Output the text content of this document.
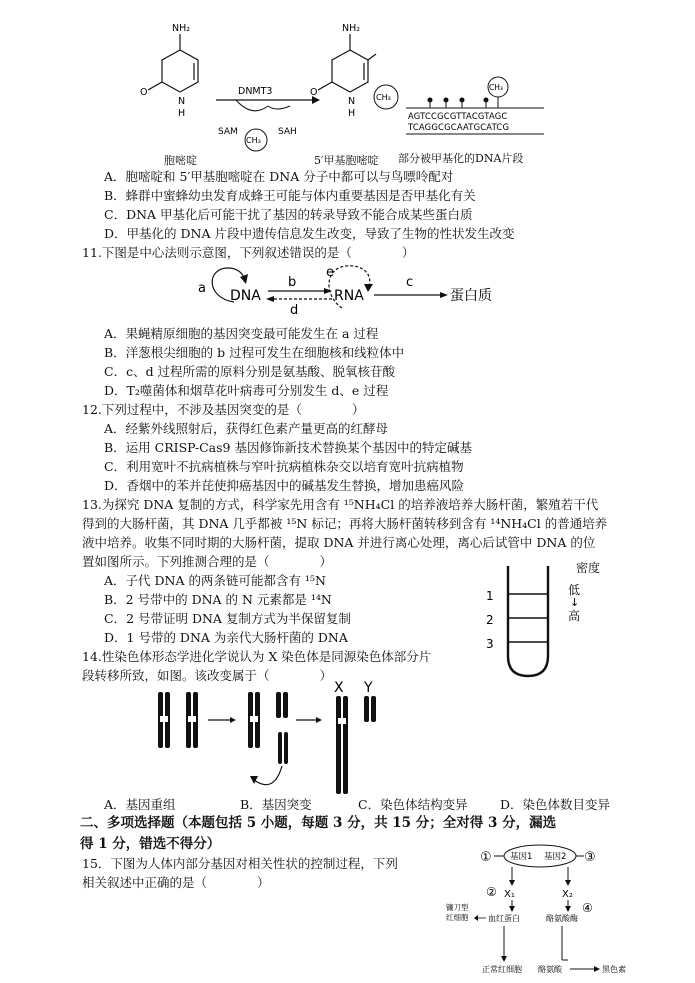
NH₂
O
N
H
DNMT3
SAM
CH₃
SAH
CH₃
NH₂
O
N
H
CH₃
AGTCCGCGTTACGTAGC
TCAGGCGCAATGCATCG
胞嘧啶	5′甲基胞嘧啶 部分被甲基化的DNA片段
A．胞嘧啶和 5′甲基胞嘧啶在 DNA 分子中都可以与鸟嘌呤配对
B．蜂群中蜜蜂幼虫发育成蜂王可能与体内重要基因是否甲基化有关
C．DNA 甲基化后可能干扰了基因的转录导致不能合成某些蛋白质
D．甲基化的 DNA 片段中遗传信息发生改变，导致了生物的性状发生改变
11.下图是中心法则示意图，下列叙述错误的是（　　　　）
a DNA
b
d
e
RNA
c
蛋白质
A．果蝇精原细胞的基因突变最可能发生在 a 过程
B．洋葱根尖细胞的 b 过程可发生在细胞核和线粒体中
C．c、d 过程所需的原料分别是氨基酸、脱氧核苷酸
D．T₂噬菌体和烟草花叶病毒可分别发生 d、e 过程
12.下列过程中，不涉及基因突变的是（　　　　）
A．经紫外线照射后，获得红色素产量更高的红酵母
B．运用 CRISP-Cas9 基因修饰新技术替换某个基因中的特定碱基
C．利用宽叶不抗病植株与窄叶抗病植株杂交以培育宽叶抗病植物
D．香烟中的苯并芘使抑癌基因中的碱基发生替换，增加患癌风险
13.为探究 DNA 复制的方式，科学家先用含有 ¹⁵NH₄Cl 的培养液培养大肠杆菌，繁殖若干代
得到的大肠杆菌，其 DNA 几乎都被 ¹⁵N 标记；再将大肠杆菌转移到含有 ¹⁴NH₄Cl 的普通培养
液中培养。收集不同时期的大肠杆菌，提取 DNA 并进行离心处理，离心后试管中 DNA 的位
置如图所示。下列推测合理的是（　　　　）
A．子代 DNA 的两条链可能都含有 ¹⁵N
B．2 号带中的 DNA 的 N 元素都是 ¹⁴N
C．2 号带证明 DNA 复制方式为半保留复制
D．1 号带的 DNA 为亲代大肠杆菌的 DNA
1
2
3
密度
低
↓
高
14.性染色体形态学进化学说认为 X 染色体是同源染色体部分片
段转移所致，如图。该改变属于（　　　　）
X Y
A．基因重组	B．基因突变	C．染色体结构变异	D．染色体数目变异
二、多项选择题（本题包括 5 小题，每题 3 分，共 15 分；全对得 3 分，漏选
得 1 分，错选不得分）
15．下图为人体内部分基因对相关性状的控制过程，下列
相关叙述中正确的是（　　　　）
① 基因1 基因2 ③
X₁	X₂
②
④
镰刀型
红细胞 血红蛋白	酪氨酸酶
正常红细胞 酪氨酸	黑色素
